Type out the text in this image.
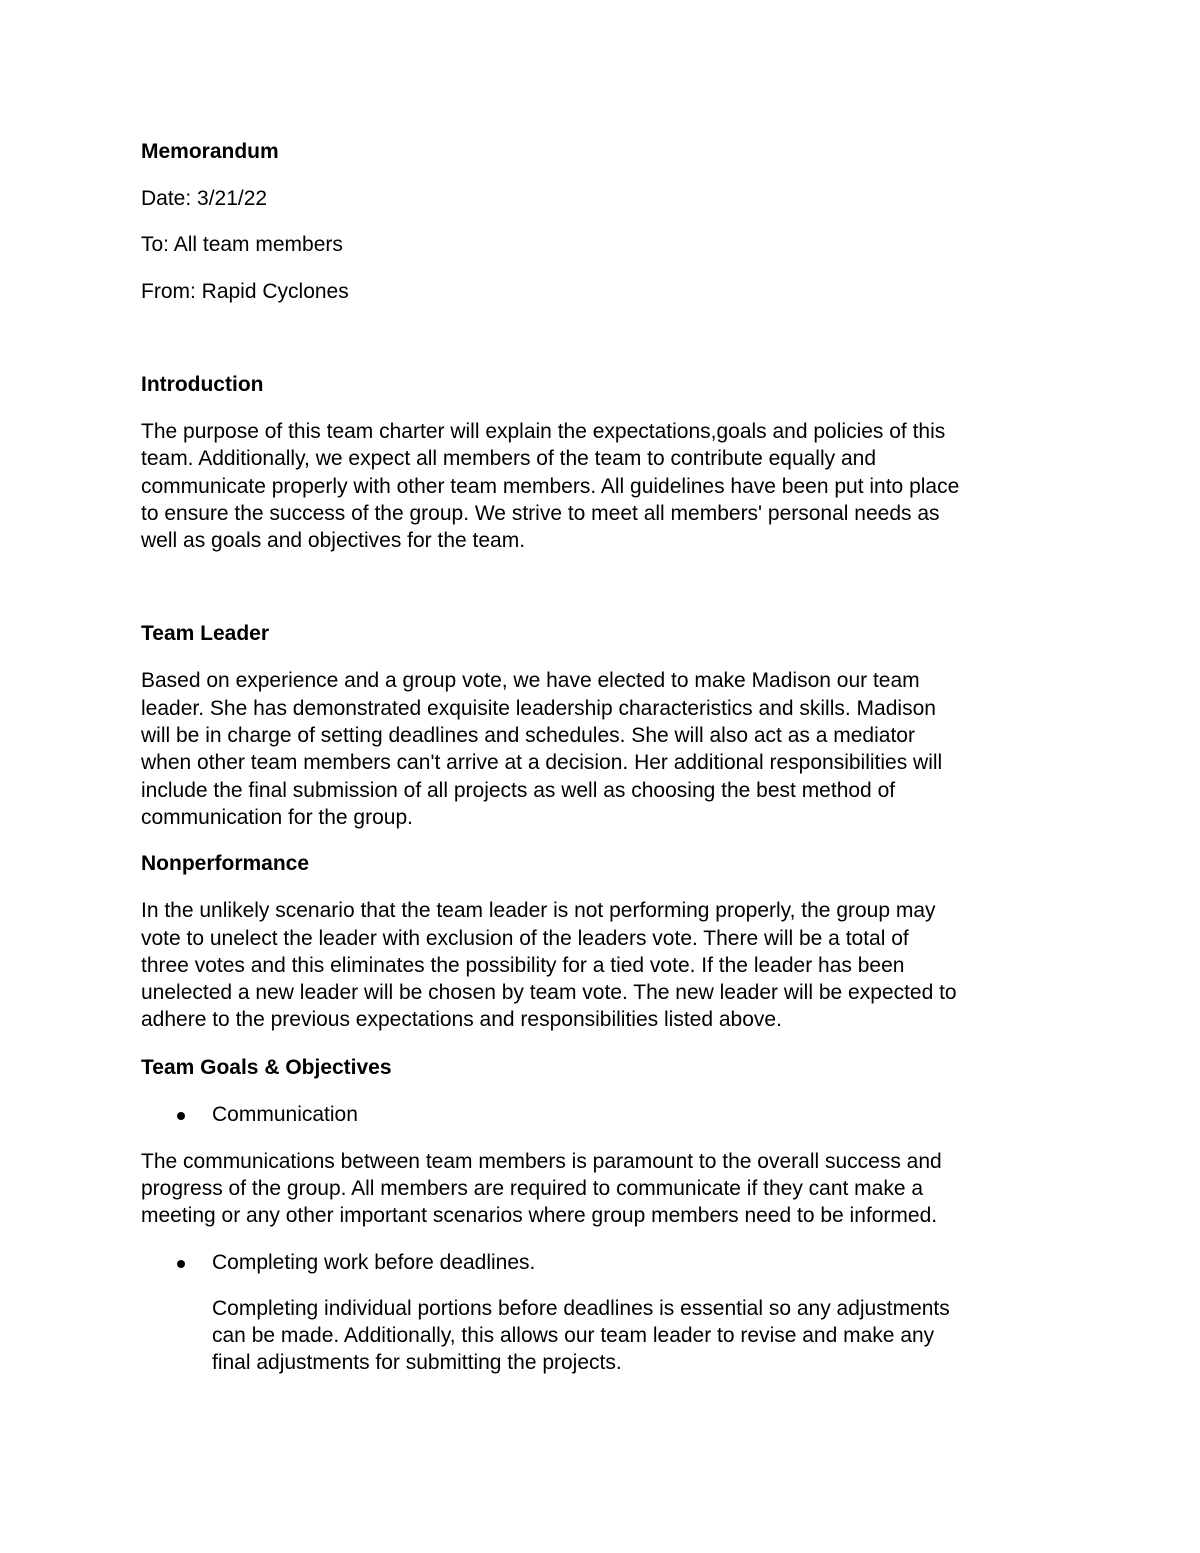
Memorandum

Date: 3/21/22

To: All team members

From: Rapid Cyclones

Introduction

The purpose of this team charter will explain the expectations,goals and policies of this
team. Additionally, we expect all members of the team to contribute equally and
communicate properly with other team members. All guidelines have been put into place
to ensure the success of the group. We strive to meet all members' personal needs as
well as goals and objectives for the team.

Team Leader

Based on experience and a group vote, we have elected to make Madison our team
leader. She has demonstrated exquisite leadership characteristics and skills. Madison
will be in charge of setting deadlines and schedules. She will also act as a mediator
when other team members can't arrive at a decision. Her additional responsibilities will
include the final submission of all projects as well as choosing the best method of
communication for the group.

Nonperformance

In the unlikely scenario that the team leader is not performing properly, the group may
vote to unelect the leader with exclusion of the leaders vote. There will be a total of
three votes and this eliminates the possibility for a tied vote. If the leader has been
unelected a new leader will be chosen by team vote. The new leader will be expected to
adhere to the previous expectations and responsibilities listed above.

Team Goals & Objectives

Communication
The communications between team members is paramount to the overall success and
progress of the group. All members are required to communicate if they cant make a
meeting or any other important scenarios where group members need to be informed.
Completing work before deadlines.
Completing individual portions before deadlines is essential so any adjustments
can be made. Additionally, this allows our team leader to revise and make any
final adjustments for submitting the projects.
